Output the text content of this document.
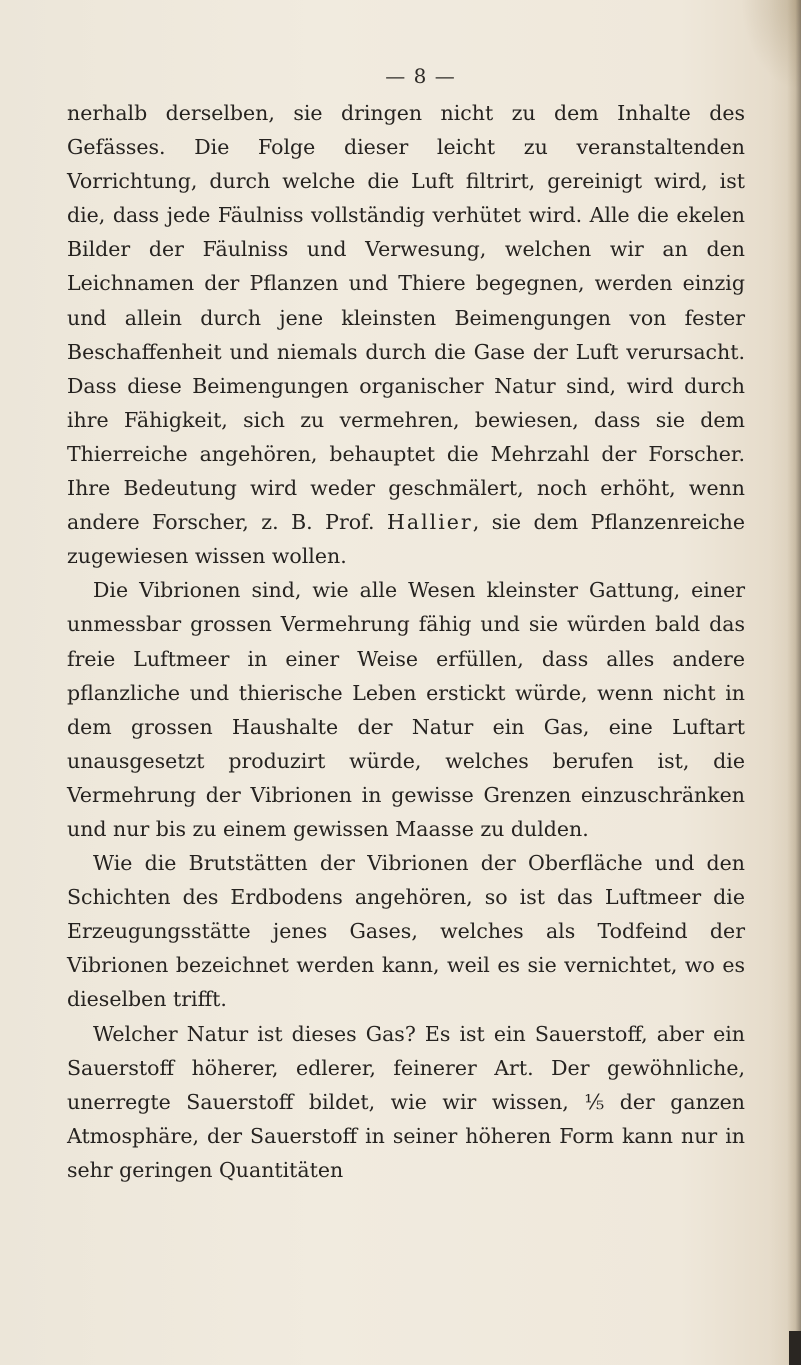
— 8 —

nerhalb derselben, sie dringen nicht zu dem Inhalte des Gefässes. Die Folge dieser leicht zu veranstaltenden Vorrichtung, durch welche die Luft filtrirt, gereinigt wird, ist die, dass jede Fäulniss vollständig verhütet wird. Alle die ekelen Bilder der Fäulniss und Verwesung, welchen wir an den Leichnamen der Pflanzen und Thiere begegnen, werden einzig und allein durch jene kleinsten Beimengungen von fester Beschaffenheit und niemals durch die Gase der Luft verursacht. Dass diese Beimengungen organischer Natur sind, wird durch ihre Fähigkeit, sich zu vermehren, bewiesen, dass sie dem Thierreiche angehören, behauptet die Mehrzahl der Forscher. Ihre Bedeutung wird weder geschmälert, noch erhöht, wenn andere Forscher, z. B. Prof. Hallier, sie dem Pflanzenreiche zugewiesen wissen wollen.

Die Vibrionen sind, wie alle Wesen kleinster Gattung, einer unmessbar grossen Vermehrung fähig und sie würden bald das freie Luftmeer in einer Weise erfüllen, dass alles andere pflanzliche und thierische Leben erstickt würde, wenn nicht in dem grossen Haushalte der Natur ein Gas, eine Luftart unausgesetzt produzirt würde, welches berufen ist, die Vermehrung der Vibrionen in gewisse Grenzen einzuschränken und nur bis zu einem gewissen Maasse zu dulden.

Wie die Brutstätten der Vibrionen der Oberfläche und den Schichten des Erdbodens angehören, so ist das Luftmeer die Erzeugungsstätte jenes Gases, welches als Todfeind der Vibrionen bezeichnet werden kann, weil es sie vernichtet, wo es dieselben trifft.

Welcher Natur ist dieses Gas? Es ist ein Sauerstoff, aber ein Sauerstoff höherer, edlerer, feinerer Art. Der gewöhnliche, unerregte Sauerstoff bildet, wie wir wissen, ⅕ der ganzen Atmosphäre, der Sauerstoff in seiner höheren Form kann nur in sehr geringen Quantitäten
